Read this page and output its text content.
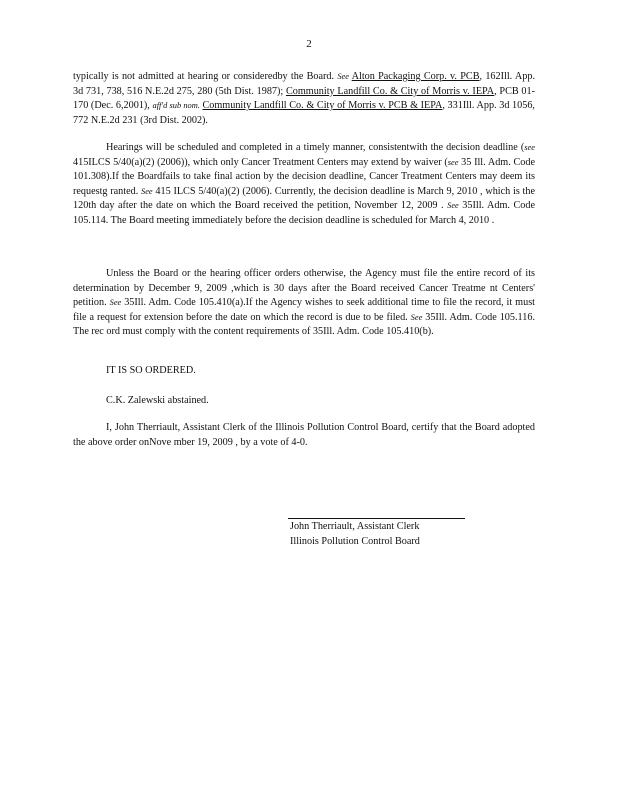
2
typically is not admitted at hearing or consideredby the Board. See Alton Packaging Corp. v. PCB, 162Ill. App. 3d 731, 738, 516 N.E.2d 275, 280 (5th Dist. 1987); Community Landfill Co. & City of Morris v. IEPA, PCB 01-170 (Dec. 6,2001), aff'd sub nom. Community Landfill Co. & City of Morris v. PCB & IEPA, 331Ill. App. 3d 1056, 772 N.E.2d 231 (3rd Dist. 2002).
Hearings will be scheduled and completed in a timely manner, consistentwith the decision deadline (see 415ILCS 5/40(a)(2) (2006)), which only Cancer Treatment Centers may extend by waiver (see 35 Ill. Adm. Code 101.308).If the Boardfails to take final action by the decision deadline, Cancer Treatment Centers may deem its requestg ranted. See 415 ILCS 5/40(a)(2) (2006). Currently, the decision deadline is March 9, 2010 , which is the 120th day after the date on which the Board received the petition, November 12, 2009 . See 35Ill. Adm. Code 105.114. The Board meeting immediately before the decision deadline is scheduled for March 4, 2010 .
Unless the Board or the hearing officer orders otherwise, the Agency must file the entire record of its determination by December 9, 2009 ,which is 30 days after the Board received Cancer Treatme nt Centers' petition. See 35Ill. Adm. Code 105.410(a).If the Agency wishes to seek additional time to file the record, it must file a request for extension before the date on which the record is due to be filed. See 35Ill. Adm. Code 105.116. The rec ord must comply with the content requirements of 35Ill. Adm. Code 105.410(b).
IT IS SO ORDERED.
C.K. Zalewski abstained.
I, John Therriault, Assistant Clerk of the Illinois Pollution Control Board, certify that the Board adopted the above order onNove mber 19, 2009 , by a vote of 4-0.
John Therriault, Assistant Clerk
Illinois Pollution Control Board
